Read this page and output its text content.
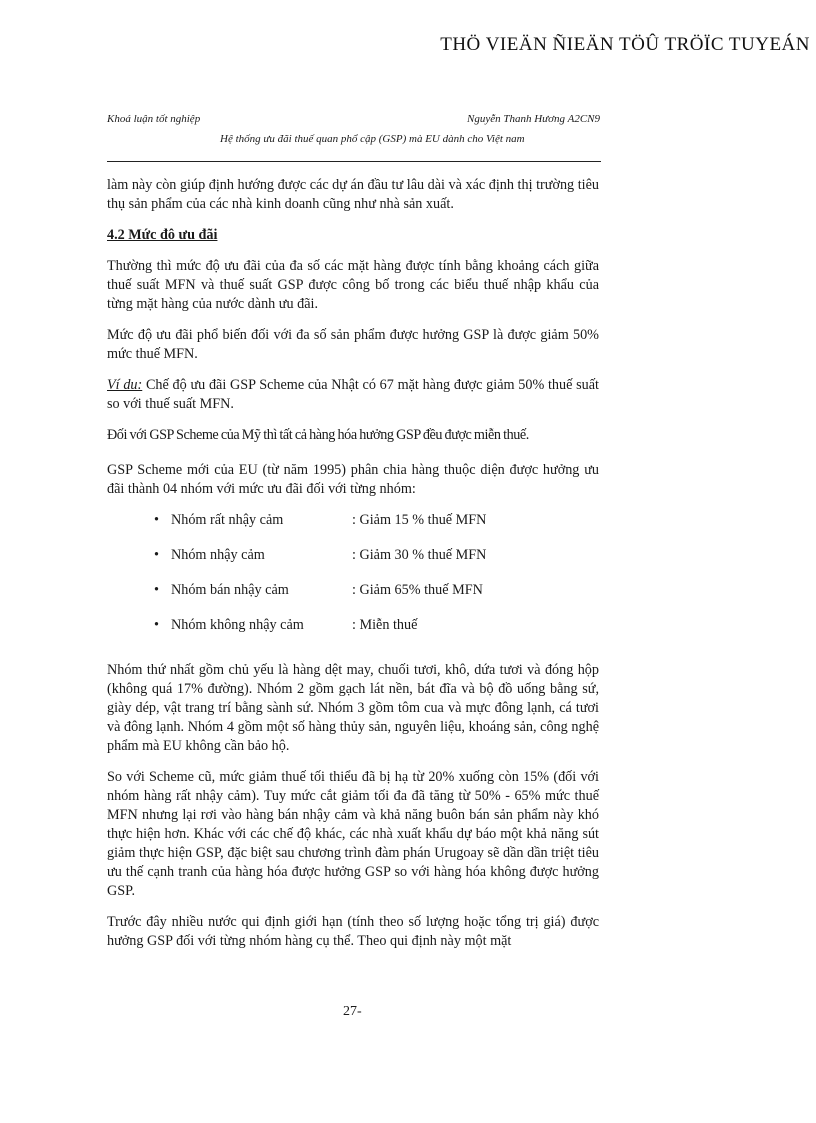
THÖ VIEÄN ÑIEÄN TÖÛ TRÖÏC TUYEÁN
Khoá luận tốt nghiệp	Nguyễn Thanh Hương A2CN9
Hệ thống ưu đãi thuế quan phổ cập (GSP) mà EU dành cho Việt nam

làm này còn giúp định hướng được các dự án đầu tư lâu dài và xác định thị trường tiêu thụ sản phẩm của các nhà kinh doanh cũng như nhà sản xuất.

4.2 Mức đô ưu đãi

Thường thì mức độ ưu đãi của đa số các mặt hàng được tính bằng khoảng cách giữa thuế suất MFN và thuế suất GSP được công bố trong các biểu thuế nhập khẩu của từng mặt hàng của nước dành ưu đãi.

Mức độ ưu đãi phổ biến đối với đa số sản phẩm được hưởng GSP là được giảm 50% mức thuế MFN.

Ví du: Chế độ ưu đãi GSP Scheme của Nhật có 67 mặt hàng được giảm 50% thuế suất so với thuế suất MFN.

Đối với GSP Scheme của Mỹ thì tất cả hàng hóa hưởng GSP đều được miễn thuế.

GSP Scheme mới của EU (từ năm 1995) phân chia hàng thuộc diện được hưởng ưu đãi thành 04 nhóm với mức ưu đãi đối với từng nhóm:

• Nhóm rất nhậy cảm	: Giảm 15 % thuế MFN
• Nhóm nhậy cảm	: Giảm 30 % thuế MFN
• Nhóm bán nhậy cảm	: Giảm 65% thuế MFN
• Nhóm không nhậy cảm	: Miễn thuế

Nhóm thứ nhất gồm chủ yếu là hàng dệt may, chuối tươi, khô, dứa tươi và đóng hộp (không quá 17% đường). Nhóm 2 gồm gạch lát nền, bát đĩa và bộ đồ uống bằng sứ, giày dép, vật trang trí bằng sành sứ. Nhóm 3 gồm tôm cua và mực đông lạnh, cá tươi và đông lạnh. Nhóm 4 gồm một số hàng thủy sản, nguyên liệu, khoáng sản, công nghệ phẩm mà EU không cần bảo hộ.

So với Scheme cũ, mức giảm thuế tối thiểu đã bị hạ từ 20% xuống còn 15% (đối với nhóm hàng rất nhậy cảm). Tuy mức cắt giảm tối đa đã tăng từ 50% - 65% mức thuế MFN nhưng lại rơi vào hàng bán nhậy cảm và khả năng buôn bán sản phẩm này khó thực hiện hơn. Khác với các chế độ khác, các nhà xuất khẩu dự báo một khả năng sút giảm thực hiện GSP, đặc biệt sau chương trình đàm phán Urugoay sẽ dần dần triệt tiêu ưu thế cạnh tranh của hàng hóa được hưởng GSP so với hàng hóa không được hưởng GSP.

Trước đây nhiều nước qui định giới hạn (tính theo số lượng hoặc tổng trị giá) được hưởng GSP đối với từng nhóm hàng cụ thể. Theo qui định này một mặt

27-
